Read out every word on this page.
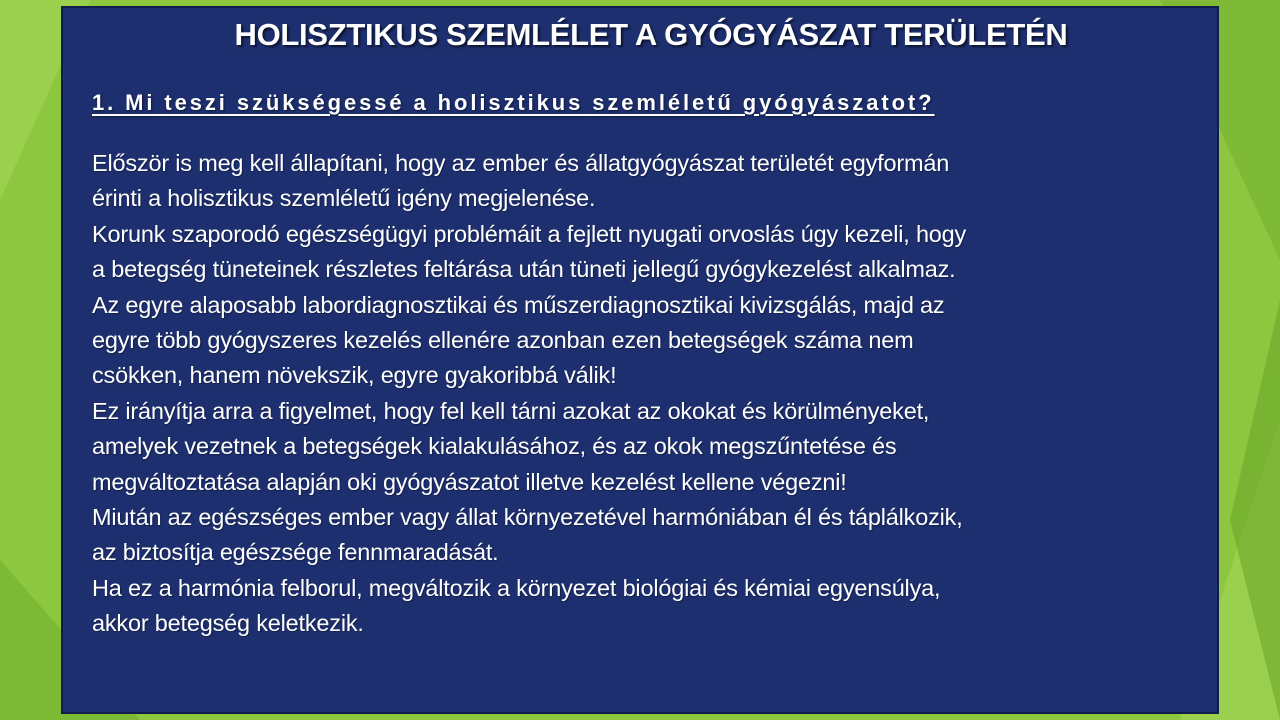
HOLISZTIKUS SZEMLÉLET A GYÓGYÁSZAT TERÜLETÉN
1. Mi teszi szükségessé a holisztikus szemléletű gyógyászatot?
Először is meg kell állapítani, hogy az ember és állatgyógyászat területét egyformán
érinti a holisztikus szemléletű igény megjelenése.
Korunk szaporodó egészségügyi problémáit a fejlett nyugati orvoslás úgy kezeli, hogy
a betegség tüneteinek részletes feltárása után tüneti jellegű gyógykezelést alkalmaz.
Az egyre alaposabb labordiagnosztikai és műszerdiagnosztikai kivizsgálás, majd az
egyre több gyógyszeres kezelés ellenére azonban ezen betegségek száma nem
csökken, hanem növekszik, egyre gyakoribbá válik!
Ez irányítja arra a figyelmet, hogy fel kell tárni azokat az okokat és körülményeket,
amelyek vezetnek a betegségek kialakulásához, és az okok megszűntetése és
megváltoztatása alapján oki gyógyászatot illetve kezelést kellene végezni!
Miután az egészséges ember vagy állat környezetével harmóniában él és táplálkozik,
az biztosítja egészsége fennmaradását.
Ha ez a harmónia felborul, megváltozik a környezet biológiai és kémiai egyensúlya,
akkor betegség keletkezik.
